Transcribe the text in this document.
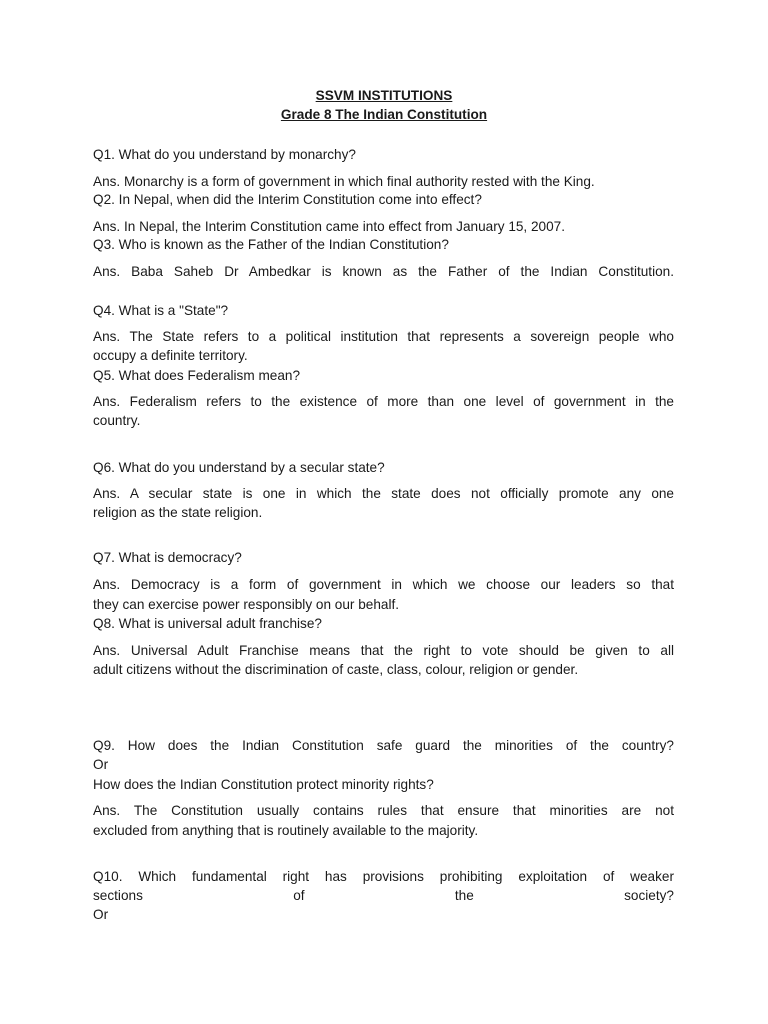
SSVM INSTITUTIONS
Grade 8 The Indian Constitution
Q1. What do you understand by monarchy?
Ans. Monarchy is a form of government in which final authority rested with the King.
Q2. In Nepal, when did the Interim Constitution come into effect?
Ans. In Nepal, the Interim Constitution came into effect from January 15, 2007.
Q3. Who is known as the Father of the Indian Constitution?
Ans. Baba Saheb Dr Ambedkar is known as the Father of the Indian Constitution.
Q4. What is a "State"?
Ans. The State refers to a political institution that represents a sovereign people who
occupy a definite territory.
Q5. What does Federalism mean?
Ans. Federalism refers to the existence of more than one level of government in the
country.
Q6. What do you understand by a secular state?
Ans. A secular state is one in which the state does not officially promote any one
religion as the state religion.
Q7. What is democracy?
Ans. Democracy is a form of government in which we choose our leaders so that
they can exercise power responsibly on our behalf.
Q8. What is universal adult franchise?
Ans. Universal Adult Franchise means that the right to vote should be given to all
adult citizens without the discrimination of caste, class, colour, religion or gender.
Q9. How does the Indian Constitution safe guard the minorities of the country?
Or
How does the Indian Constitution protect minority rights?
Ans. The Constitution usually contains rules that ensure that minorities are not
excluded from anything that is routinely available to the majority.
Q10. Which fundamental right has provisions prohibiting exploitation of weaker
sections of the society?
Or
